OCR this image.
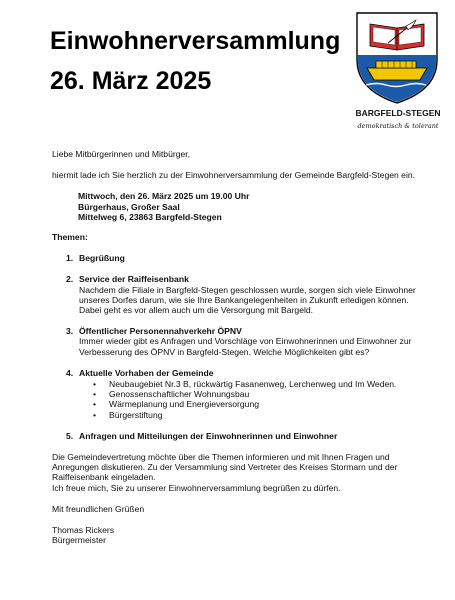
Einwohnerversammlung
26. März 2025
BARGFELD-STEGEN
demokratisch & tolerant

Liebe Mitbürgerinnen und Mitbürger,

hiermit lade ich Sie herzlich zu der Einwohnerversammlung der Gemeinde Bargfeld-Stegen ein.

Mittwoch, den 26. März 2025 um 19.00 Uhr

Bürgerhaus, Großer Saal

Mittelweg 6, 23863 Bargfeld-Stegen

Themen:

1. Begrüßung
2. Service der Raiffeisenbank
Nachdem die Filiale in Bargfeld-Stegen geschlossen wurde, sorgen sich viele Einwohner unseres Dorfes darum, wie sie Ihre Bankangelegenheiten in Zukunft erledigen können. Dabei geht es vor allem auch um die Versorgung mit Bargeld.
3. Öffentlicher Personennahverkehr ÖPNV
Immer wieder gibt es Anfragen und Vorschläge von Einwohnerinnen und Einwohner zur Verbesserung des ÖPNV in Bargfeld-Stegen. Welche Möglichkeiten gibt es?
4. Aktuelle Vorhaben der Gemeinde
•	Neubaugebiet Nr.3 B, rückwärtig Fasanenweg, Lerchenweg und Im Weden.
•	Genossenschaftlicher Wohnungsbau
•	Wärmeplanung und Energieversorgung
•	Bürgerstiftung
5. Anfragen und Mitteilungen der Einwohnerinnen und Einwohner

Die Gemeindevertretung möchte über die Themen informieren und mit Ihnen Fragen und Anregungen diskutieren. Zu der Versammlung sind Vertreter des Kreises Stormarn und der Raiffeisenbank eingeladen.

Ich freue mich, Sie zu unserer Einwohnerversammlung begrüßen zu dürfen.

Mit freundlichen Grüßen

Thomas Rickers

Bürgermeister
